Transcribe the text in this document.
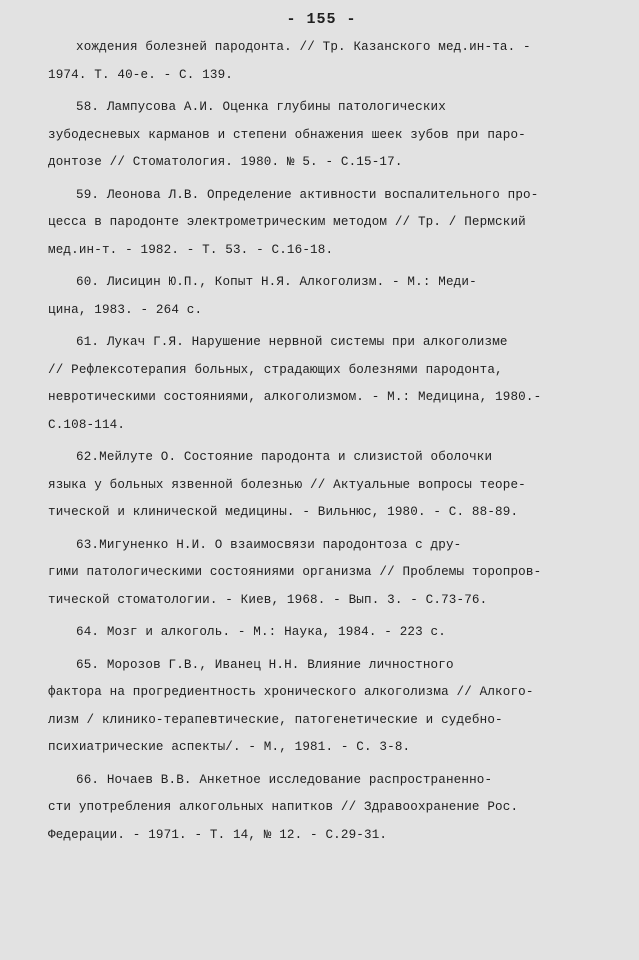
- 155 -
хождения болезней пародонта. // Тр. Казанского мед.ин-та. -
1974. Т. 40-е. - С. 139.
58. Лампусова А.И. Оценка глубины патологических
зубодесневых карманов и степени обнажения шеек зубов при паро-
донтозе // Стоматология. 1980. № 5. - С.15-17.
59. Леонова Л.В. Определение активности воспалительного про-
цесса в пародонте электрометрическим методом // Тр. / Пермский
мед.ин-т. - 1982. - Т. 53. - С.16-18.
60. Лисицин Ю.П., Копыт Н.Я. Алкоголизм. - М.: Меди-
цина, 1983. - 264 с.
61. Лукач Г.Я. Нарушение нервной системы при алкоголизме
// Рефлексотерапия больных, страдающих болезнями пародонта,
невротическими состояниями, алкоголизмом. - М.: Медицина, 1980.-
С.108-114.
62.Мейлуте О. Состояние пародонта и слизистой оболочки
языка у больных язвенной болезнью // Актуальные вопросы теоре-
тической и клинической медицины. - Вильнюс, 1980. - С. 88-89.
63.Мигуненко Н.И. О взаимосвязи пародонтоза с дру-
гими патологическими состояниями организма // Проблемы торопров-
тической стоматологии. - Киев, 1968. - Вып. 3. - С.73-76.
64. Мозг и алкоголь. - М.: Наука, 1984. - 223 с.
65. Морозов Г.В., Иванец Н.Н. Влияние личностного
фактора на прогредиентность хронического алкоголизма // Алкого-
лизм / клинико-терапевтические, патогенетические и судебно-
психиатрические аспекты/. - М., 1981. - С. 3-8.
66. Ночаев В.В. Анкетное исследование распространенно-
сти употребления алкогольных напитков // Здравоохранение Рос.
Федерации. - 1971. - Т. 14, № 12. - С.29-31.
